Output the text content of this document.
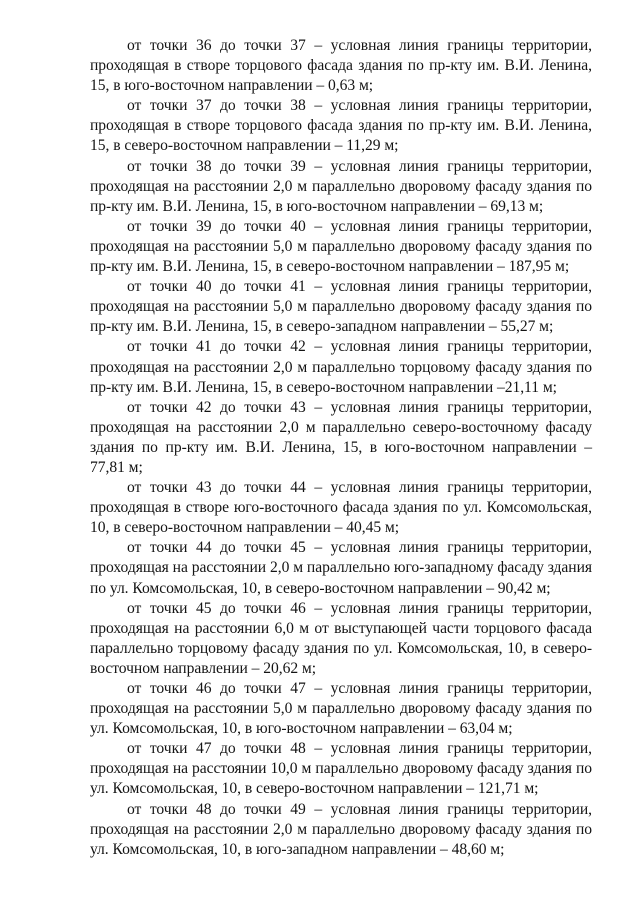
от точки 36 до точки 37 – условная линия границы территории, проходящая в створе торцового фасада здания по пр-кту им. В.И. Ленина, 15, в юго-восточном направлении – 0,63 м;

от точки 37 до точки 38 – условная линия границы территории, проходящая в створе торцового фасада здания по пр-кту им. В.И. Ленина, 15, в северо-восточном направлении – 11,29 м;

от точки 38 до точки 39 – условная линия границы территории, проходящая на расстоянии 2,0 м параллельно дворовому фасаду здания по пр-кту им. В.И. Ленина, 15, в юго-восточном направлении – 69,13 м;

от точки 39 до точки 40 – условная линия границы территории, проходящая на расстоянии 5,0 м параллельно дворовому фасаду здания по пр-кту им. В.И. Ленина, 15, в северо-восточном направлении – 187,95 м;

от точки 40 до точки 41 – условная линия границы территории, проходящая на расстоянии 5,0 м параллельно дворовому фасаду здания по пр-кту им. В.И. Ленина, 15, в северо-западном направлении – 55,27 м;

от точки 41 до точки 42 – условная линия границы территории, проходящая на расстоянии 2,0 м параллельно торцовому фасаду здания по пр-кту им. В.И. Ленина, 15, в северо-восточном направлении –21,11 м;

от точки 42 до точки 43 – условная линия границы территории, проходящая на расстоянии 2,0 м параллельно северо-восточному фасаду здания по пр-кту им. В.И. Ленина, 15, в юго-восточном направлении – 77,81 м;

от точки 43 до точки 44 – условная линия границы территории, проходящая в створе юго-восточного фасада здания по ул. Комсомольская, 10, в северо-восточном направлении – 40,45 м;

от точки 44 до точки 45 – условная линия границы территории, проходящая на расстоянии 2,0 м параллельно юго-западному фасаду здания по ул. Комсомольская, 10, в северо-восточном направлении – 90,42 м;

от точки 45 до точки 46 – условная линия границы территории, проходящая на расстоянии 6,0 м от выступающей части торцового фасада параллельно торцовому фасаду здания по ул. Комсомольская, 10, в северо-восточном направлении – 20,62 м;

от точки 46 до точки 47 – условная линия границы территории, проходящая на расстоянии 5,0 м параллельно дворовому фасаду здания по ул. Комсомольская, 10, в юго-восточном направлении – 63,04 м;

от точки 47 до точки 48 – условная линия границы территории, проходящая на расстоянии 10,0 м параллельно дворовому фасаду здания по ул. Комсомольская, 10, в северо-восточном направлении – 121,71 м;

от точки 48 до точки 49 – условная линия границы территории, проходящая на расстоянии 2,0 м параллельно дворовому фасаду здания по ул. Комсомольская, 10, в юго-западном направлении – 48,60 м;
